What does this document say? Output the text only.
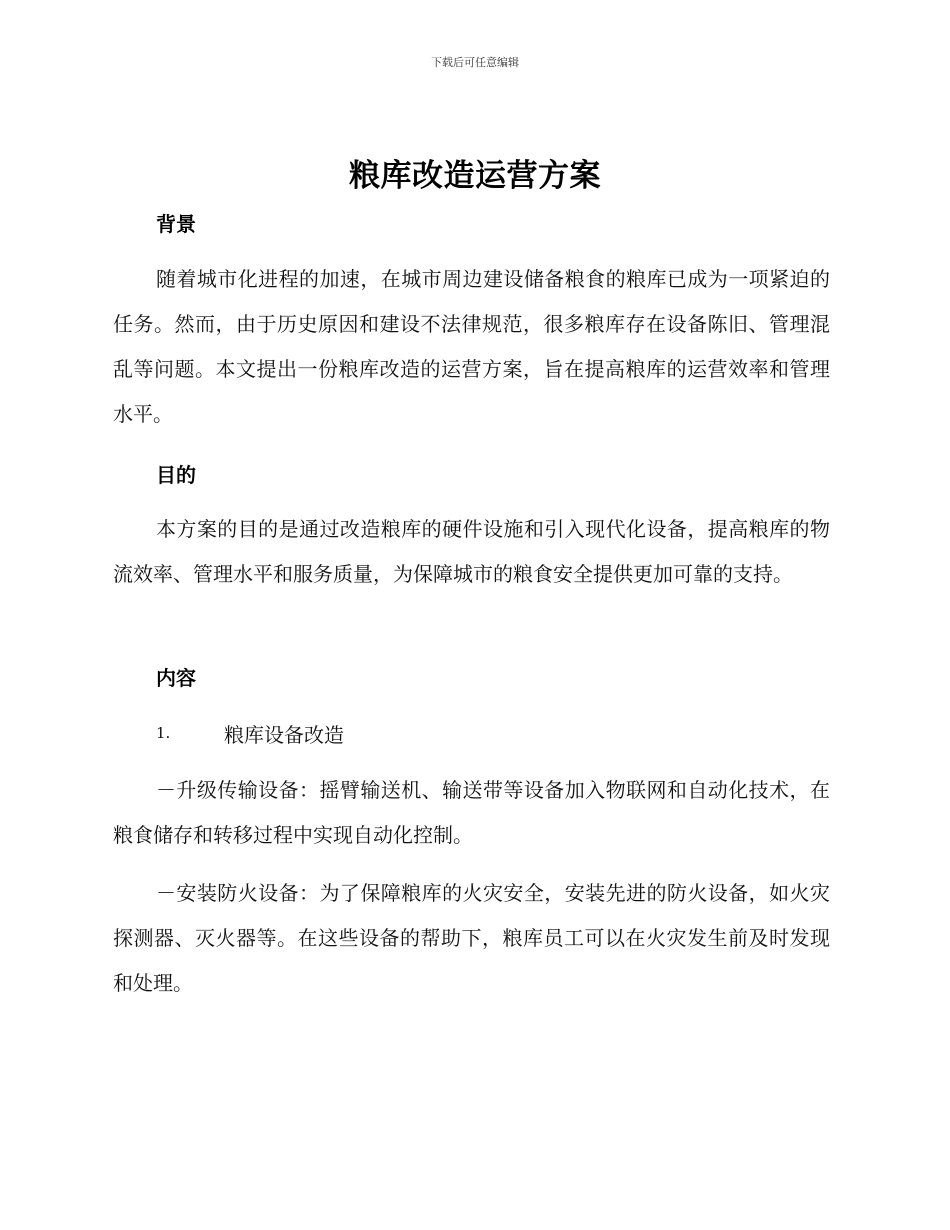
下载后可任意编辑
粮库改造运营方案
背景

随着城市化进程的加速，在城市周边建设储备粮食的粮库已成为一项紧迫的任务。然而，由于历史原因和建设不法律规范，很多粮库存在设备陈旧、管理混乱等问题。本文提出一份粮库改造的运营方案，旨在提高粮库的运营效率和管理水平。

目的

本方案的目的是通过改造粮库的硬件设施和引入现代化设备，提高粮库的物流效率、管理水平和服务质量，为保障城市的粮食安全提供更加可靠的支持。

内容
1.	粮库设备改造

－升级传输设备：摇臂输送机、输送带等设备加入物联网和自动化技术，在粮食储存和转移过程中实现自动化控制。

－安装防火设备：为了保障粮库的火灾安全，安装先进的防火设备，如火灾探测器、灭火器等。在这些设备的帮助下，粮库员工可以在火灾发生前及时发现和处理。
